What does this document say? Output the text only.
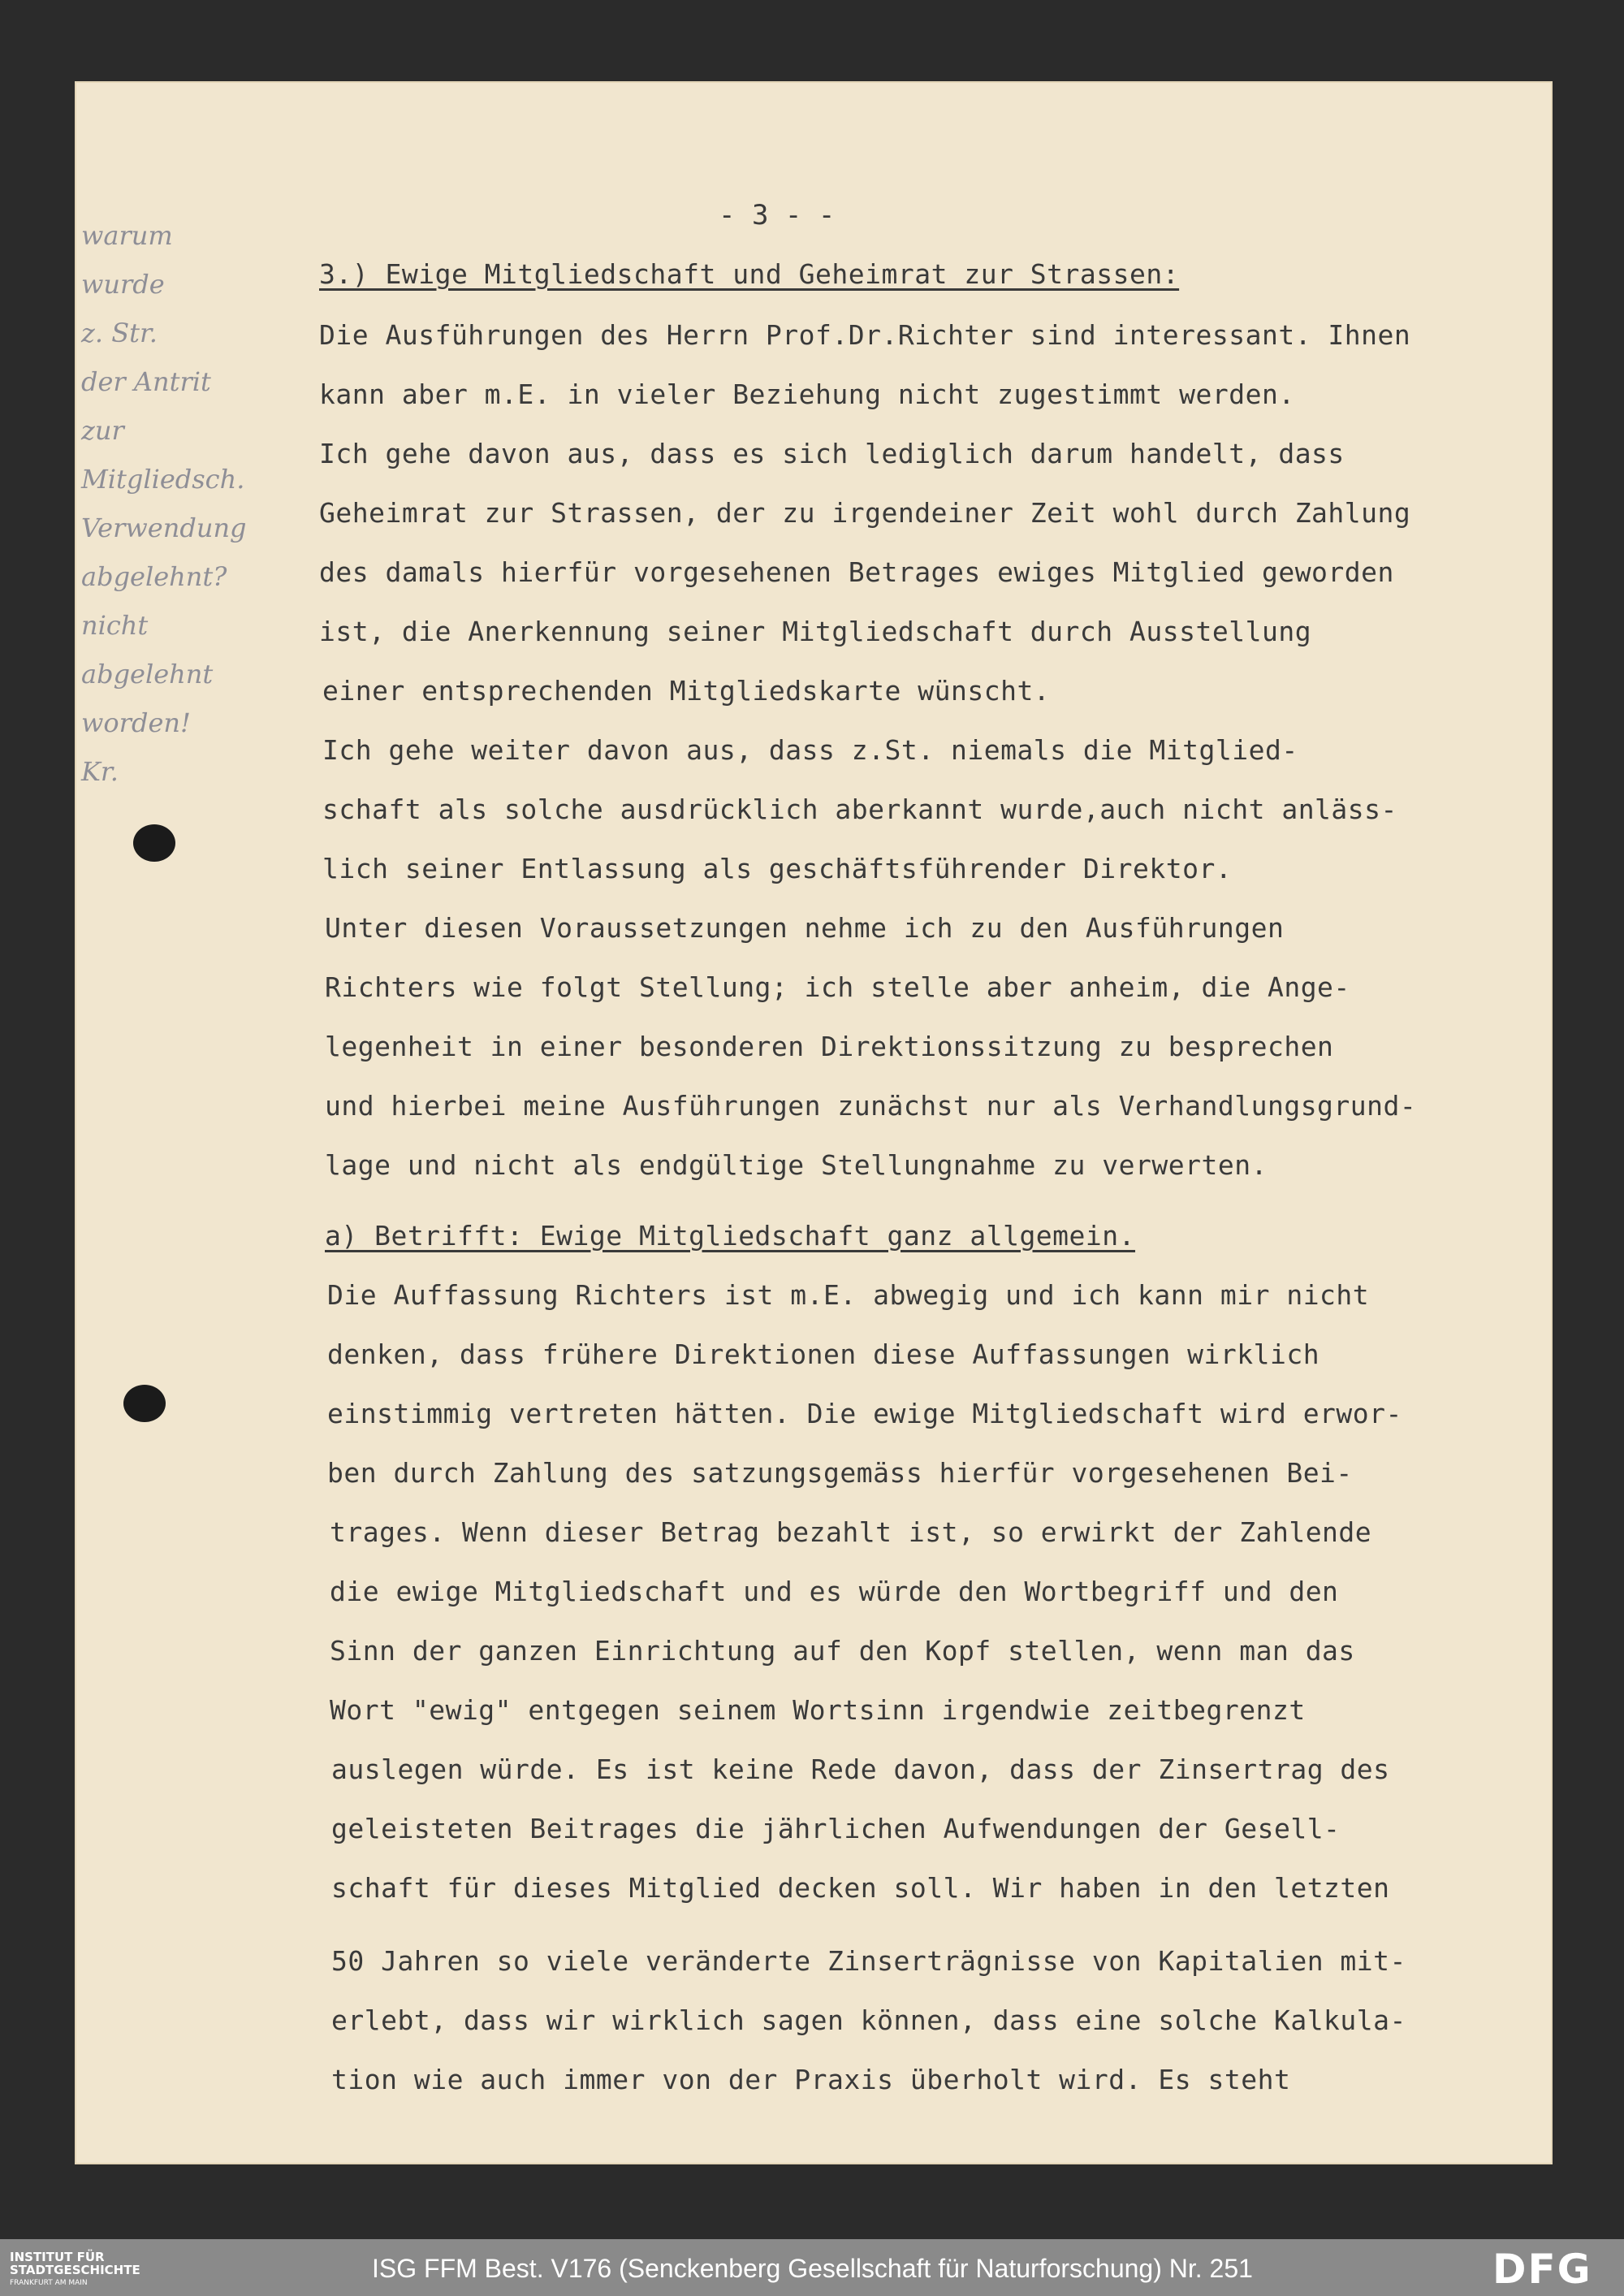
- 3 - -
warum
wurde
z. Str.
der Antrit
zur
Mitgliedsch.
Verwendung
abgelehnt?
nicht
abgelehnt
worden!
Kr.
3.) Ewige Mitgliedschaft und Geheimrat zur Strassen:
Die Ausführungen des Herrn Prof.Dr.Richter sind interessant. Ihnen
kann aber m.E. in vieler Beziehung nicht zugestimmt werden.
Ich gehe davon aus, dass es sich lediglich darum handelt, dass
Geheimrat zur Strassen, der zu irgendeiner Zeit wohl durch Zahlung
des damals hierfür vorgesehenen Betrages ewiges Mitglied geworden
ist, die Anerkennung seiner Mitgliedschaft durch Ausstellung
einer entsprechenden Mitgliedskarte wünscht.
Ich gehe weiter davon aus, dass z.St. niemals die Mitglied-
schaft als solche ausdrücklich aberkannt wurde,auch nicht anläss-
lich seiner Entlassung als geschäftsführender Direktor.
Unter diesen Voraussetzungen nehme ich zu den Ausführungen
Richters wie folgt Stellung; ich stelle aber anheim, die Ange-
legenheit in einer besonderen Direktionssitzung zu besprechen
und hierbei meine Ausführungen zunächst nur als Verhandlungsgrund-
lage und nicht als endgültige Stellungnahme zu verwerten.
a) Betrifft: Ewige Mitgliedschaft ganz allgemein.
Die Auffassung Richters ist m.E. abwegig und ich kann mir nicht
denken, dass frühere Direktionen diese Auffassungen wirklich
einstimmig vertreten hätten. Die ewige Mitgliedschaft wird erwor-
ben durch Zahlung des satzungsgemäss hierfür vorgesehenen Bei-
trages. Wenn dieser Betrag bezahlt ist, so erwirkt der Zahlende
die ewige Mitgliedschaft und es würde den Wortbegriff und den
Sinn der ganzen Einrichtung auf den Kopf stellen, wenn man das
Wort "ewig" entgegen seinem Wortsinn irgendwie zeitbegrenzt
auslegen würde. Es ist keine Rede davon, dass der Zinsertrag des
geleisteten Beitrages die jährlichen Aufwendungen der Gesell-
schaft für dieses Mitglied decken soll. Wir haben in den letzten
50 Jahren so viele veränderte Zinserträgnisse von Kapitalien mit-
erlebt, dass wir wirklich sagen können, dass eine solche Kalkula-
tion wie auch immer von der Praxis überholt wird. Es steht
INSTITUT FÜR
STADTGESCHICHTE
FRANKFURT AM MAIN	ISG FFM Best. V176 (Senckenberg Gesellschaft für Naturforschung) Nr. 251	DFG
